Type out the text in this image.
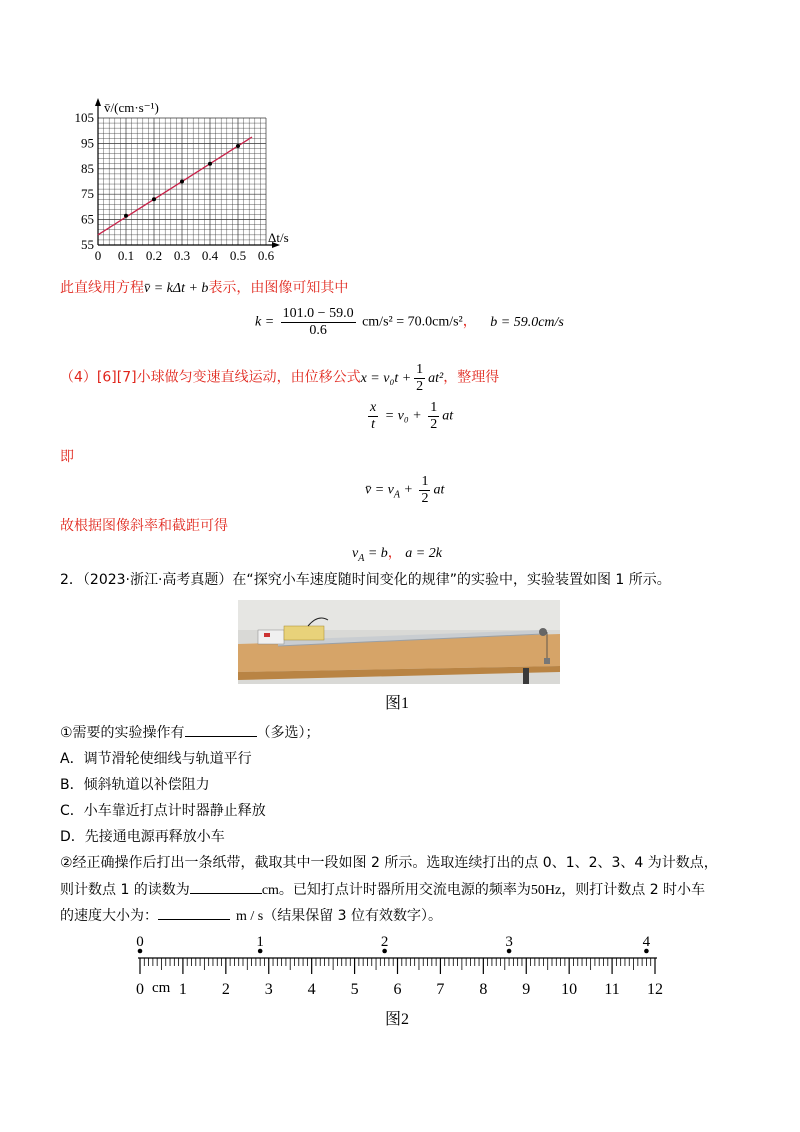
0 0.1 0.2 0.3 0.4 0.5 0.6
105
95
85
75
65
55
v̄/(cm·s⁻¹)
Δt/s
此直线用方程v̄ = kΔt + b表示，由图像可知其中
$k = \frac{101.0 - 59.0}{0.6} cm/s^2 = 70.0cm/s^2$， b = 59.0cm/s
（4）[6][7]小球做匀变速直线运动，由位移公式$x = v_0t + \frac{1}{2} at^2$，整理得
$\frac{x}{t} = v_0 + \frac{1}{2}$ at
即
v̄ = $v_A + \frac{1}{2}$ at
故根据图像斜率和截距可得
$v_A = b$， a = 2k
2．（2023·浙江·高考真题）在“探究小车速度随时间变化的规律”的实验中，实验装置如图 1 所示。
图1
①需要的实验操作有	（多选）；
A．调节滑轮使细线与轨道平行
B．倾斜轨道以补偿阻力
C．小车靠近打点计时器静止释放
D．先接通电源再释放小车
②经正确操作后打出一条纸带，截取其中一段如图 2 所示。选取连续打出的点 0、1、2、3、4 为计数点，
则计数点 1 的读数为	cm。已知打点计时器所用交流电源的频率为50Hz，则打计数点 2 时小车
的速度大小为：	m / s（结果保留 3 位有效数字）。
0	1	2	3	4
0 1 2 3 4 5 6 7 8 9 10 11 12
cm
图2
